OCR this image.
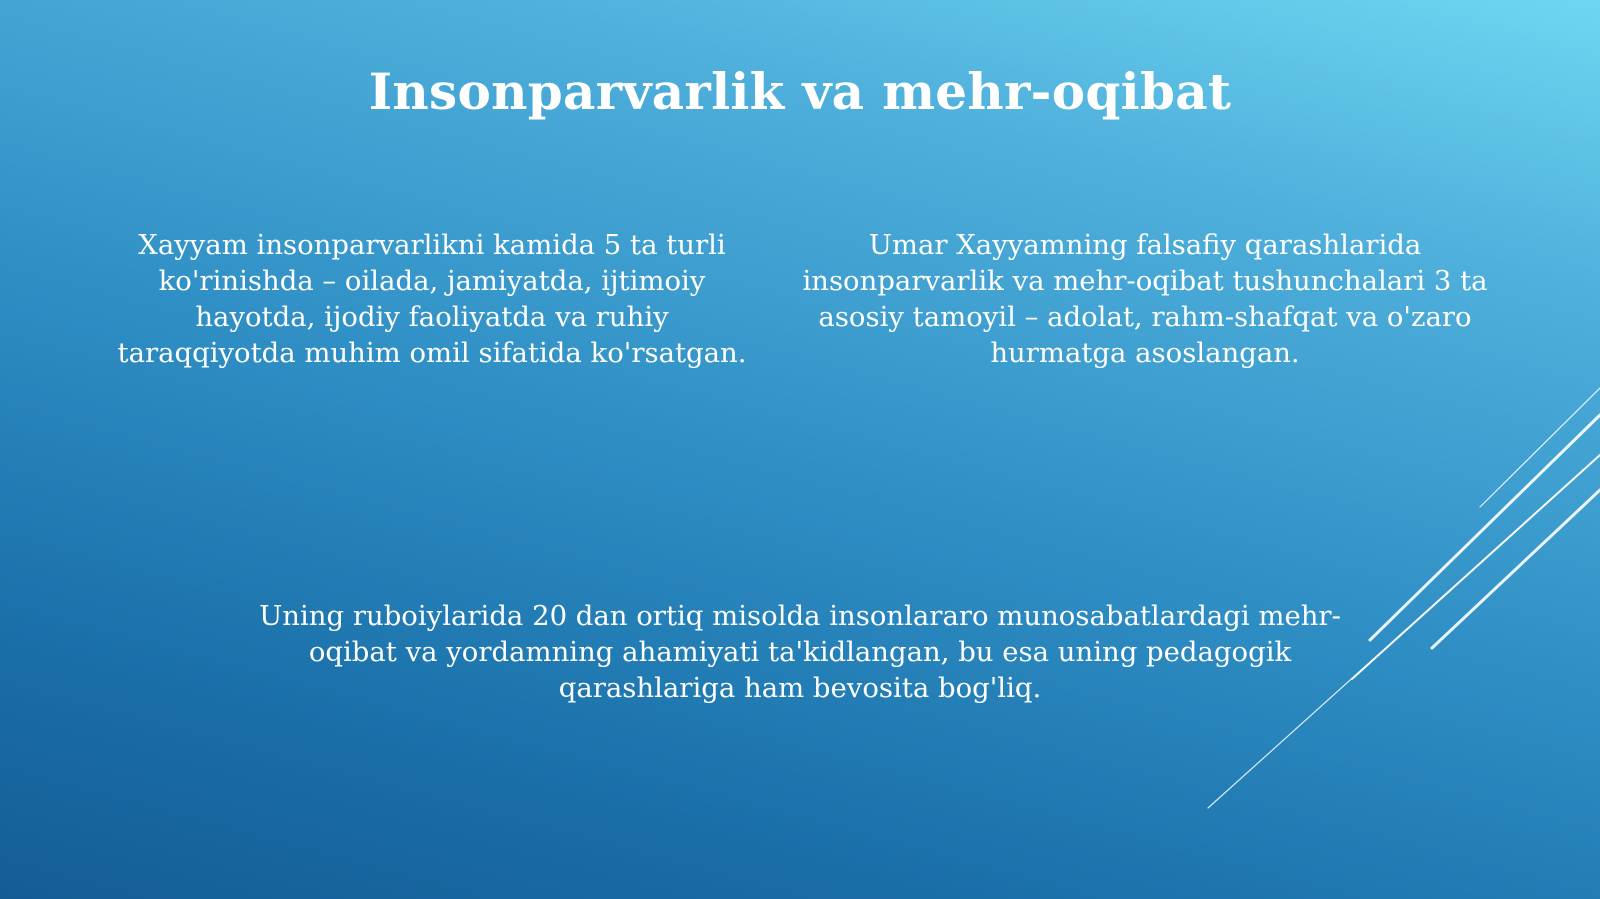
Insonparvarlik va mehr-oqibat
Xayyam insonparvarlikni kamida 5 ta turli ko'rinishda – oilada, jamiyatda, ijtimoiy hayotda, ijodiy faoliyatda va ruhiy taraqqiyotda muhim omil sifatida ko'rsatgan.
Umar Xayyamning falsafiy qarashlarida insonparvarlik va mehr-oqibat tushunchalari 3 ta asosiy tamoyil – adolat, rahm-shafqat va o'zaro hurmatga asoslangan.
Uning ruboiylarida 20 dan ortiq misolda insonlararo munosabatlardagi mehr-oqibat va yordamning ahamiyati ta'kidlangan, bu esa uning pedagogik qarashlariga ham bevosita bog'liq.
